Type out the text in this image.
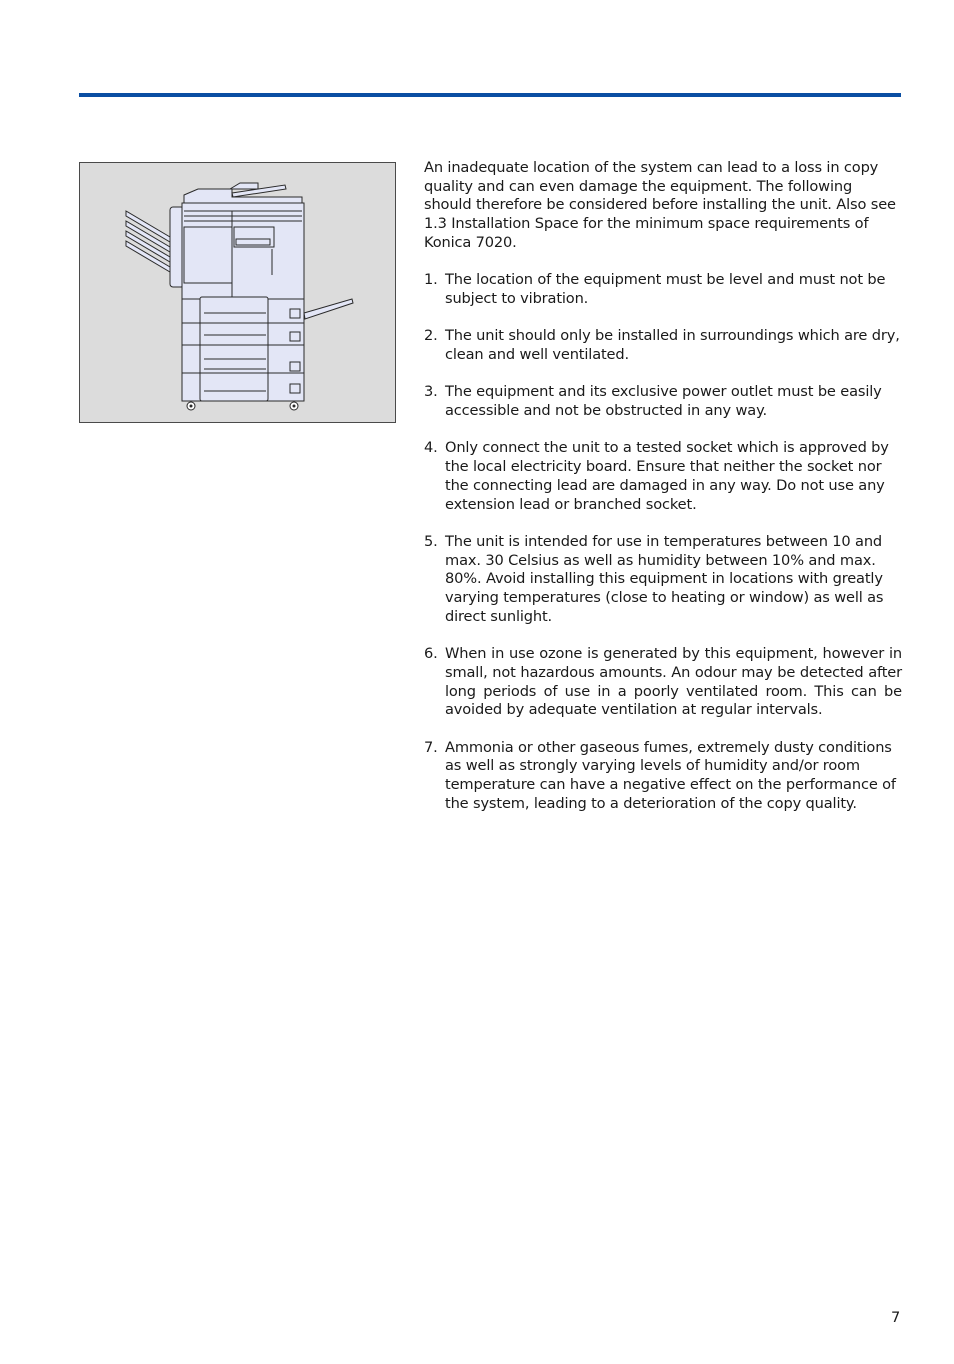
An inadequate location of the system can lead to a loss in copy quality and can even damage the equipment. The following should therefore be considered before installing the unit. Also see 1.3 Installation Space for the minimum space requirements of Konica 7020.

1. The location of the equipment must be level and must not be subject to vibration.
2. The unit should only be installed in surroundings which are dry, clean and well ventilated.
3. The equipment and its exclusive power outlet must be easily accessible and not be obstructed in any way.
4. Only connect the unit to a tested socket which is approved by the local electricity board. Ensure that neither the socket nor the connecting lead are damaged in any way. Do not use any extension lead or branched socket.
5. The unit is intended for use in temperatures between 10 and max. 30 Celsius as well as humidity between 10% and max. 80%. Avoid installing this equipment in locations with greatly varying temperatures (close to heating or window) as well as direct sunlight.
6. When in use ozone is generated by this equipment, however in small, not hazardous amounts. An odour may be detected after long periods of use in a poorly ventilated room. This can be avoided by adequate ventilation at regular intervals.
7. Ammonia or other gaseous fumes, extremely dusty conditions as well as strongly varying levels of humidity and/or room temperature can have a negative effect on the performance of the system, leading to a deterioration of the copy quality.
7
